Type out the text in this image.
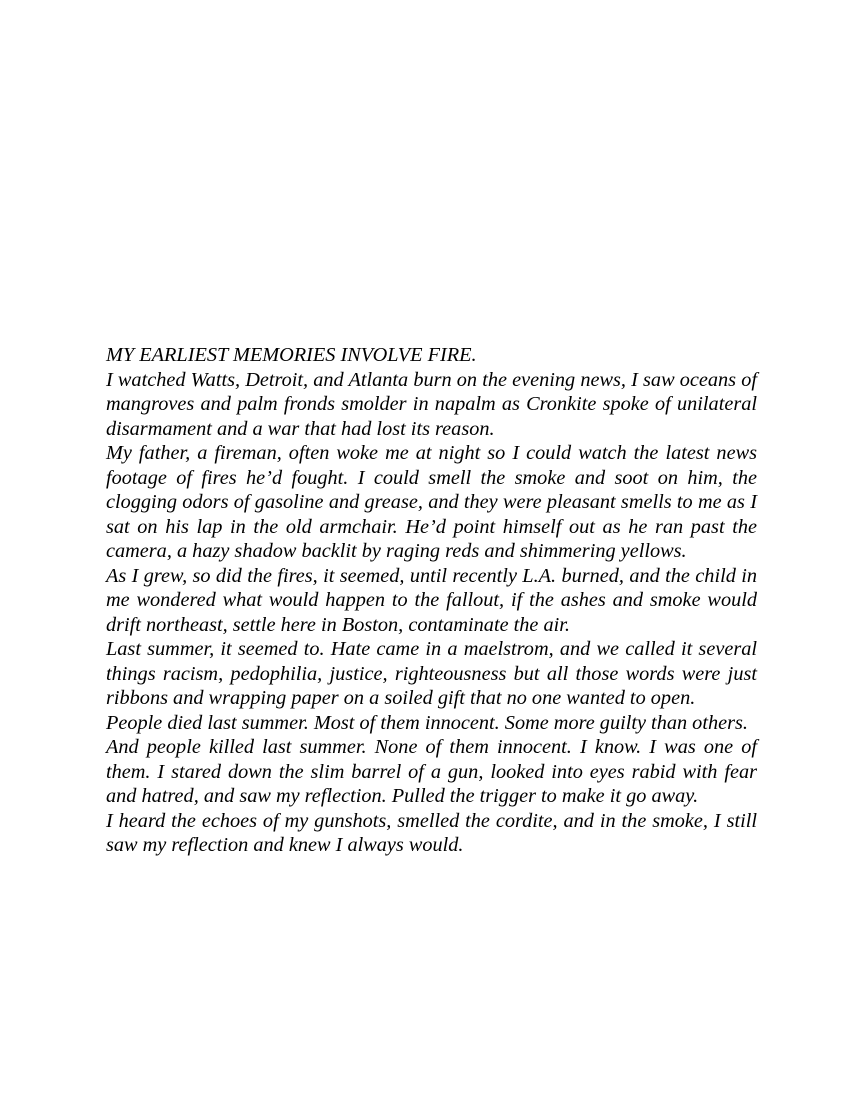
MY EARLIEST MEMORIES INVOLVE FIRE.

I watched Watts, Detroit, and Atlanta burn on the evening news, I saw oceans of mangroves and palm fronds smolder in napalm as Cronkite spoke of unilateral disarmament and a war that had lost its reason.

My father, a fireman, often woke me at night so I could watch the latest news footage of fires he’d fought. I could smell the smoke and soot on him, the clogging odors of gasoline and grease, and they were pleasant smells to me as I sat on his lap in the old armchair. He’d point himself out as he ran past the camera, a hazy shadow backlit by raging reds and shimmering yellows.

As I grew, so did the fires, it seemed, until recently L.A. burned, and the child in me wondered what would happen to the fallout, if the ashes and smoke would drift northeast, settle here in Boston, contaminate the air.

Last summer, it seemed to. Hate came in a maelstrom, and we called it several things racism, pedophilia, justice, righteousness but all those words were just ribbons and wrapping paper on a soiled gift that no one wanted to open.

People died last summer. Most of them innocent. Some more guilty than others.

And people killed last summer. None of them innocent. I know. I was one of them. I stared down the slim barrel of a gun, looked into eyes rabid with fear and hatred, and saw my reflection. Pulled the trigger to make it go away.

I heard the echoes of my gunshots, smelled the cordite, and in the smoke, I still saw my reflection and knew I always would.
